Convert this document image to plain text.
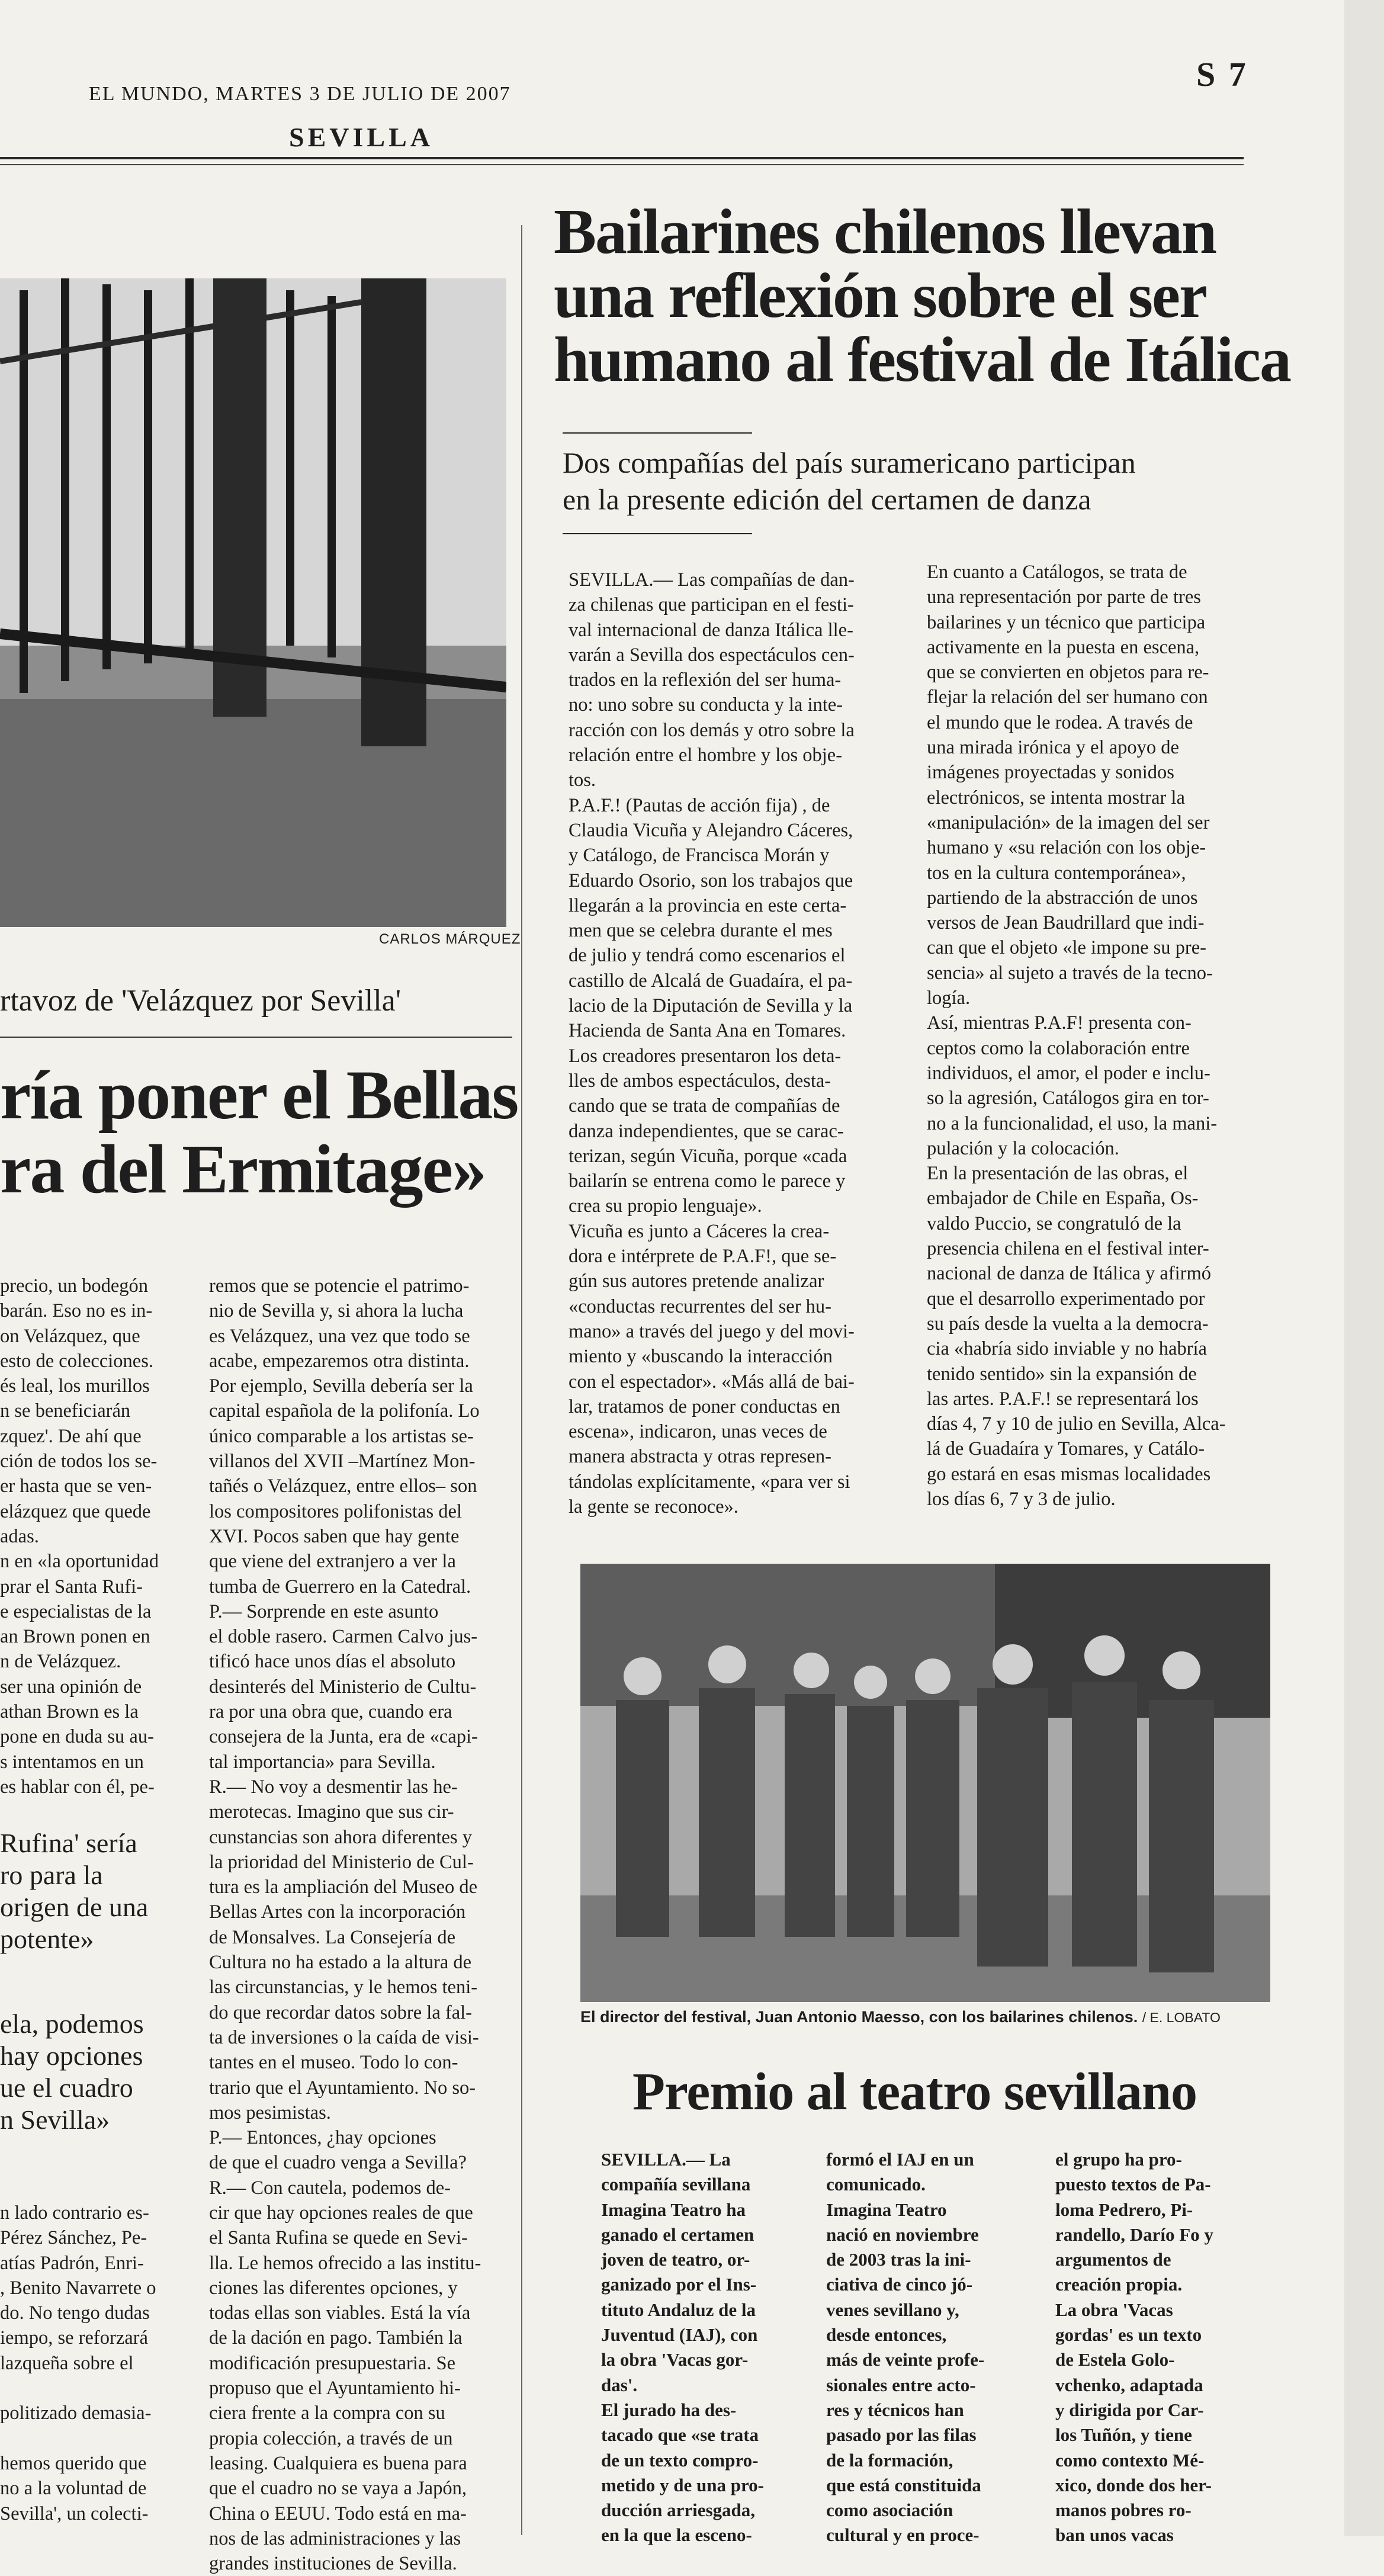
EL MUNDO, MARTES 3 DE JULIO DE 2007
SEVILLA
S 7
CARLOS MÁRQUEZ
rtavoz de 'Velázquez por Sevilla'
ría poner el Bellas
ra del Ermitage»
precio, un bodegón
barán. Eso no es in-
on Velázquez, que
esto de colecciones.
és leal, los murillos
n se beneficiarán
zquez'. De ahí que
ción de todos los se-
er hasta que se ven-
elázquez que quede
adas.
n en «la oportunidad
prar el Santa Rufi-
e especialistas de la
an Brown ponen en
n de Velázquez.
ser una opinión de
athan Brown es la
pone en duda su au-
s intentamos en un
es hablar con él, pe-
Rufina' sería
ro para la
origen de una
potente»
ela, podemos
hay opciones
ue el cuadro
n Sevilla»
n lado contrario es-
Pérez Sánchez, Pe-
atías Padrón, Enri-
, Benito Navarrete o
do. No tengo dudas
iempo, se reforzará
lazqueña sobre el
politizado demasia-
hemos querido que
no a la voluntad de
Sevilla', un colecti-
remos que se potencie el patrimo-
nio de Sevilla y, si ahora la lucha
es Velázquez, una vez que todo se
acabe, empezaremos otra distinta.
Por ejemplo, Sevilla debería ser la
capital española de la polifonía. Lo
único comparable a los artistas se-
villanos del XVII –Martínez Mon-
tañés o Velázquez, entre ellos– son
los compositores polifonistas del
XVI. Pocos saben que hay gente
que viene del extranjero a ver la
tumba de Guerrero en la Catedral.
P.— Sorprende en este asunto
el doble rasero. Carmen Calvo jus-
tificó hace unos días el absoluto
desinterés del Ministerio de Cultu-
ra por una obra que, cuando era
consejera de la Junta, era de «capi-
tal importancia» para Sevilla.
R.— No voy a desmentir las he-
merotecas. Imagino que sus cir-
cunstancias son ahora diferentes y
la prioridad del Ministerio de Cul-
tura es la ampliación del Museo de
Bellas Artes con la incorporación
de Monsalves. La Consejería de
Cultura no ha estado a la altura de
las circunstancias, y le hemos teni-
do que recordar datos sobre la fal-
ta de inversiones o la caída de visi-
tantes en el museo. Todo lo con-
trario que el Ayuntamiento. No so-
mos pesimistas.
P.— Entonces, ¿hay opciones
de que el cuadro venga a Sevilla?
R.— Con cautela, podemos de-
cir que hay opciones reales de que
el Santa Rufina se quede en Sevi-
lla. Le hemos ofrecido a las institu-
ciones las diferentes opciones, y
todas ellas son viables. Está la vía
de la dación en pago. También la
modificación presupuestaria. Se
propuso que el Ayuntamiento hi-
ciera frente a la compra con su
propia colección, a través de un
leasing. Cualquiera es buena para
que el cuadro no se vaya a Japón,
China o EEUU. Todo está en ma-
nos de las administraciones y las
grandes instituciones de Sevilla.
Bailarines chilenos llevan
una reflexión sobre el ser
humano al festival de Itálica
Dos compañías del país suramericano participan
en la presente edición del certamen de danza
SEVILLA.— Las compañías de dan-
za chilenas que participan en el festi-
val internacional de danza Itálica lle-
varán a Sevilla dos espectáculos cen-
trados en la reflexión del ser huma-
no: uno sobre su conducta y la inte-
racción con los demás y otro sobre la
relación entre el hombre y los obje-
tos.
P.A.F.! (Pautas de acción fija) , de
Claudia Vicuña y Alejandro Cáceres,
y Catálogo, de Francisca Morán y
Eduardo Osorio, son los trabajos que
llegarán a la provincia en este certa-
men que se celebra durante el mes
de julio y tendrá como escenarios el
castillo de Alcalá de Guadaíra, el pa-
lacio de la Diputación de Sevilla y la
Hacienda de Santa Ana en Tomares.
Los creadores presentaron los deta-
lles de ambos espectáculos, desta-
cando que se trata de compañías de
danza independientes, que se carac-
terizan, según Vicuña, porque «cada
bailarín se entrena como le parece y
crea su propio lenguaje».
Vicuña es junto a Cáceres la crea-
dora e intérprete de P.A.F!, que se-
gún sus autores pretende analizar
«conductas recurrentes del ser hu-
mano» a través del juego y del movi-
miento y «buscando la interacción
con el espectador». «Más allá de bai-
lar, tratamos de poner conductas en
escena», indicaron, unas veces de
manera abstracta y otras represen-
tándolas explícitamente, «para ver si
la gente se reconoce».
En cuanto a Catálogos, se trata de
una representación por parte de tres
bailarines y un técnico que participa
activamente en la puesta en escena,
que se convierten en objetos para re-
flejar la relación del ser humano con
el mundo que le rodea. A través de
una mirada irónica y el apoyo de
imágenes proyectadas y sonidos
electrónicos, se intenta mostrar la
«manipulación» de la imagen del ser
humano y «su relación con los obje-
tos en la cultura contemporánea»,
partiendo de la abstracción de unos
versos de Jean Baudrillard que indi-
can que el objeto «le impone su pre-
sencia» al sujeto a través de la tecno-
logía.
Así, mientras P.A.F! presenta con-
ceptos como la colaboración entre
individuos, el amor, el poder e inclu-
so la agresión, Catálogos gira en tor-
no a la funcionalidad, el uso, la mani-
pulación y la colocación.
En la presentación de las obras, el
embajador de Chile en España, Os-
valdo Puccio, se congratuló de la
presencia chilena en el festival inter-
nacional de danza de Itálica y afirmó
que el desarrollo experimentado por
su país desde la vuelta a la democra-
cia «habría sido inviable y no habría
tenido sentido» sin la expansión de
las artes. P.A.F.! se representará los
días 4, 7 y 10 de julio en Sevilla, Alca-
lá de Guadaíra y Tomares, y Catálo-
go estará en esas mismas localidades
los días 6, 7 y 3 de julio.
El director del festival, Juan Antonio Maesso, con los bailarines chilenos. / E. LOBATO
Premio al teatro sevillano
SEVILLA.— La
compañía sevillana
Imagina Teatro ha
ganado el certamen
joven de teatro, or-
ganizado por el Ins-
tituto Andaluz de la
Juventud (IAJ), con
la obra 'Vacas gor-
das'.
El jurado ha des-
tacado que «se trata
de un texto compro-
metido y de una pro-
ducción arriesgada,
en la que la esceno-
formó el IAJ en un
comunicado.
Imagina Teatro
nació en noviembre
de 2003 tras la ini-
ciativa de cinco jó-
venes sevillano y,
desde entonces,
más de veinte profe-
sionales entre acto-
res y técnicos han
pasado por las filas
de la formación,
que está constituida
como asociación
cultural y en proce-
el grupo ha pro-
puesto textos de Pa-
loma Pedrero, Pi-
randello, Darío Fo y
argumentos de
creación propia.
La obra 'Vacas
gordas' es un texto
de Estela Golo-
vchenko, adaptada
y dirigida por Car-
los Tuñón, y tiene
como contexto Mé-
xico, donde dos her-
manos pobres ro-
ban unos vacas
